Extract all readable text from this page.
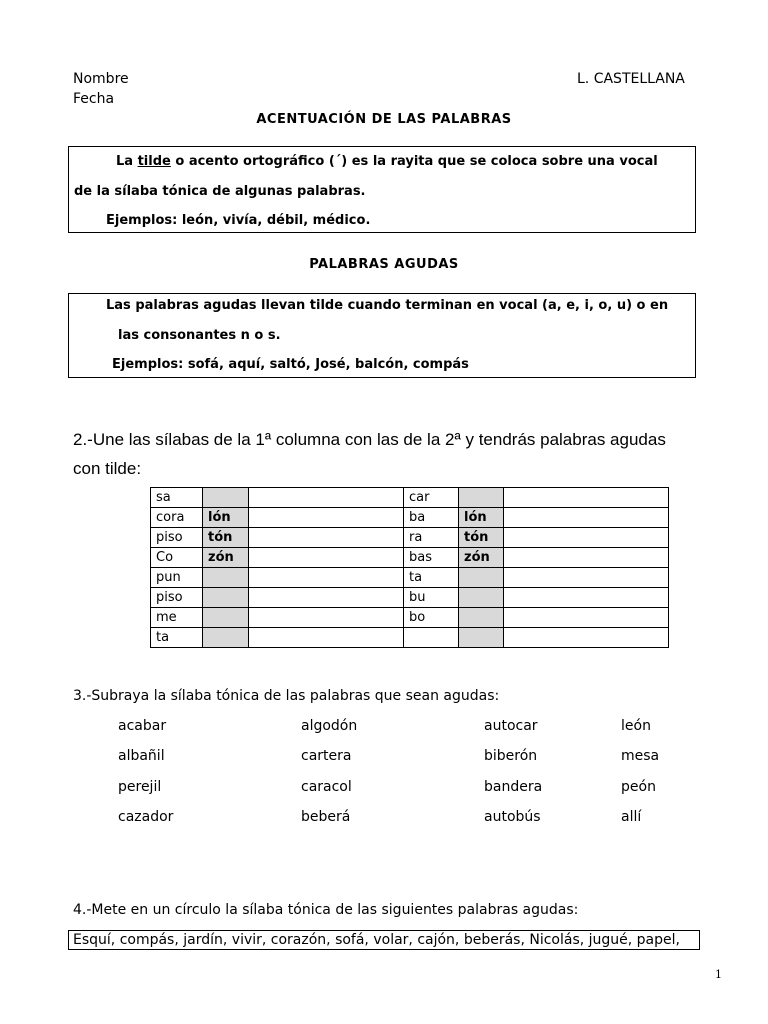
Nombre
Fecha
L. CASTELLANA
ACENTUACIÓN DE LAS PALABRAS
La tilde o acento ortográfico (´) es la rayita que se coloca sobre una vocal
de la sílaba tónica de algunas palabras.
Ejemplos: león, vivía, débil, médico.
PALABRAS AGUDAS
Las palabras agudas llevan tilde cuando terminan en vocal (a, e, i, o, u) o en
las consonantes n o s.
Ejemplos: sofá, aquí, saltó, José, balcón, compás
2.-Une las sílabas de la 1ª columna con las de la 2ª y tendrás palabras agudas
con tilde:
sa			car		
cora	lón		ba	lón	
piso	tón		ra	tón	
Co	zón		bas	zón	
pun			ta		
piso			bu		
me			bo		
ta					
3.-Subraya la sílaba tónica de las palabras que sean agudas:
acabar	algodón	autocar	león
albañil	cartera	biberón	mesa
perejil	caracol	bandera	peón
cazador	beberá	autobús	allí
4.-Mete en un círculo la sílaba tónica de las siguientes palabras agudas:
Esquí, compás, jardín, vivir, corazón, sofá, volar, cajón, beberás, Nicolás, jugué, papel,
1
